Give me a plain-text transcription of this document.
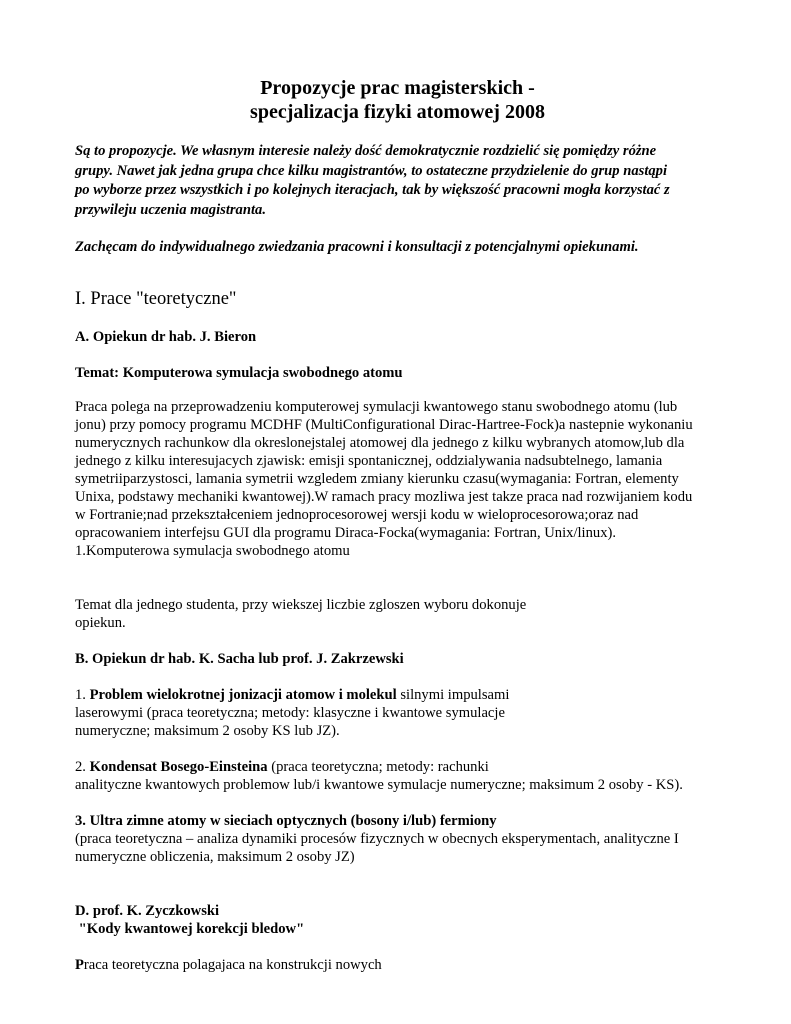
Propozycje prac magisterskich -

specjalizacja fizyki atomowej 2008

Są to propozycje. We własnym interesie należy dość demokratycznie rozdzielić się pomiędzy różne

grupy. Nawet jak jedna grupa chce kilku magistrantów, to ostateczne przydzielenie do grup nastąpi

po wyborze przez wszystkich i po kolejnych iteracjach, tak by większość pracowni mogła korzystać z

przywileju uczenia magistranta.

Zachęcam do indywidualnego zwiedzania pracowni i konsultacji z potencjalnymi opiekunami.

I. Prace "teoretyczne"

A. Opiekun dr hab. J. Bieron

Temat: Komputerowa symulacja swobodnego atomu

Praca polega na przeprowadzeniu komputerowej symulacji kwantowego stanu swobodnego atomu (lub

jonu) przy pomocy programu MCDHF (MultiConfigurational Dirac-Hartree-Fock)a nastepnie wykonaniu

numerycznych rachunkow dla okreslonejstalej atomowej dla jednego z kilku wybranych atomow,lub dla

jednego z kilku interesujacych zjawisk: emisji spontanicznej, oddzialywania nadsubtelnego, lamania

symetriiparzystosci, lamania symetrii wzgledem zmiany kierunku czasu(wymagania: Fortran, elementy

Unixa, podstawy mechaniki kwantowej).W ramach pracy mozliwa jest takze praca nad rozwijaniem kodu

w Fortranie;nad przekształceniem jednoprocesorowej wersji kodu w wieloprocesorowa;oraz nad

opracowaniem interfejsu GUI dla programu Diraca-Focka(wymagania: Fortran, Unix/linux).

1.Komputerowa symulacja swobodnego atomu

Temat dla jednego studenta, przy wiekszej liczbie zgloszen wyboru dokonuje

opiekun.

B. Opiekun dr hab. K. Sacha lub prof. J. Zakrzewski

1. Problem wielokrotnej jonizacji atomow i molekul silnymi impulsami

laserowymi (praca teoretyczna; metody: klasyczne i kwantowe symulacje

numeryczne; maksimum 2 osoby KS lub JZ).

2. Kondensat Bosego-Einsteina (praca teoretyczna; metody: rachunki

analityczne kwantowych problemow lub/i kwantowe symulacje numeryczne; maksimum 2 osoby - KS).

3. Ultra zimne atomy w sieciach optycznych (bosony i/lub) fermiony

(praca teoretyczna – analiza dynamiki procesów fizycznych w obecnych eksperymentach, analityczne I

numeryczne obliczenia, maksimum 2 osoby JZ)

D. prof. K. Zyczkowski

"Kody kwantowej korekcji bledow"

Praca teoretyczna polagajaca na konstrukcji nowych
